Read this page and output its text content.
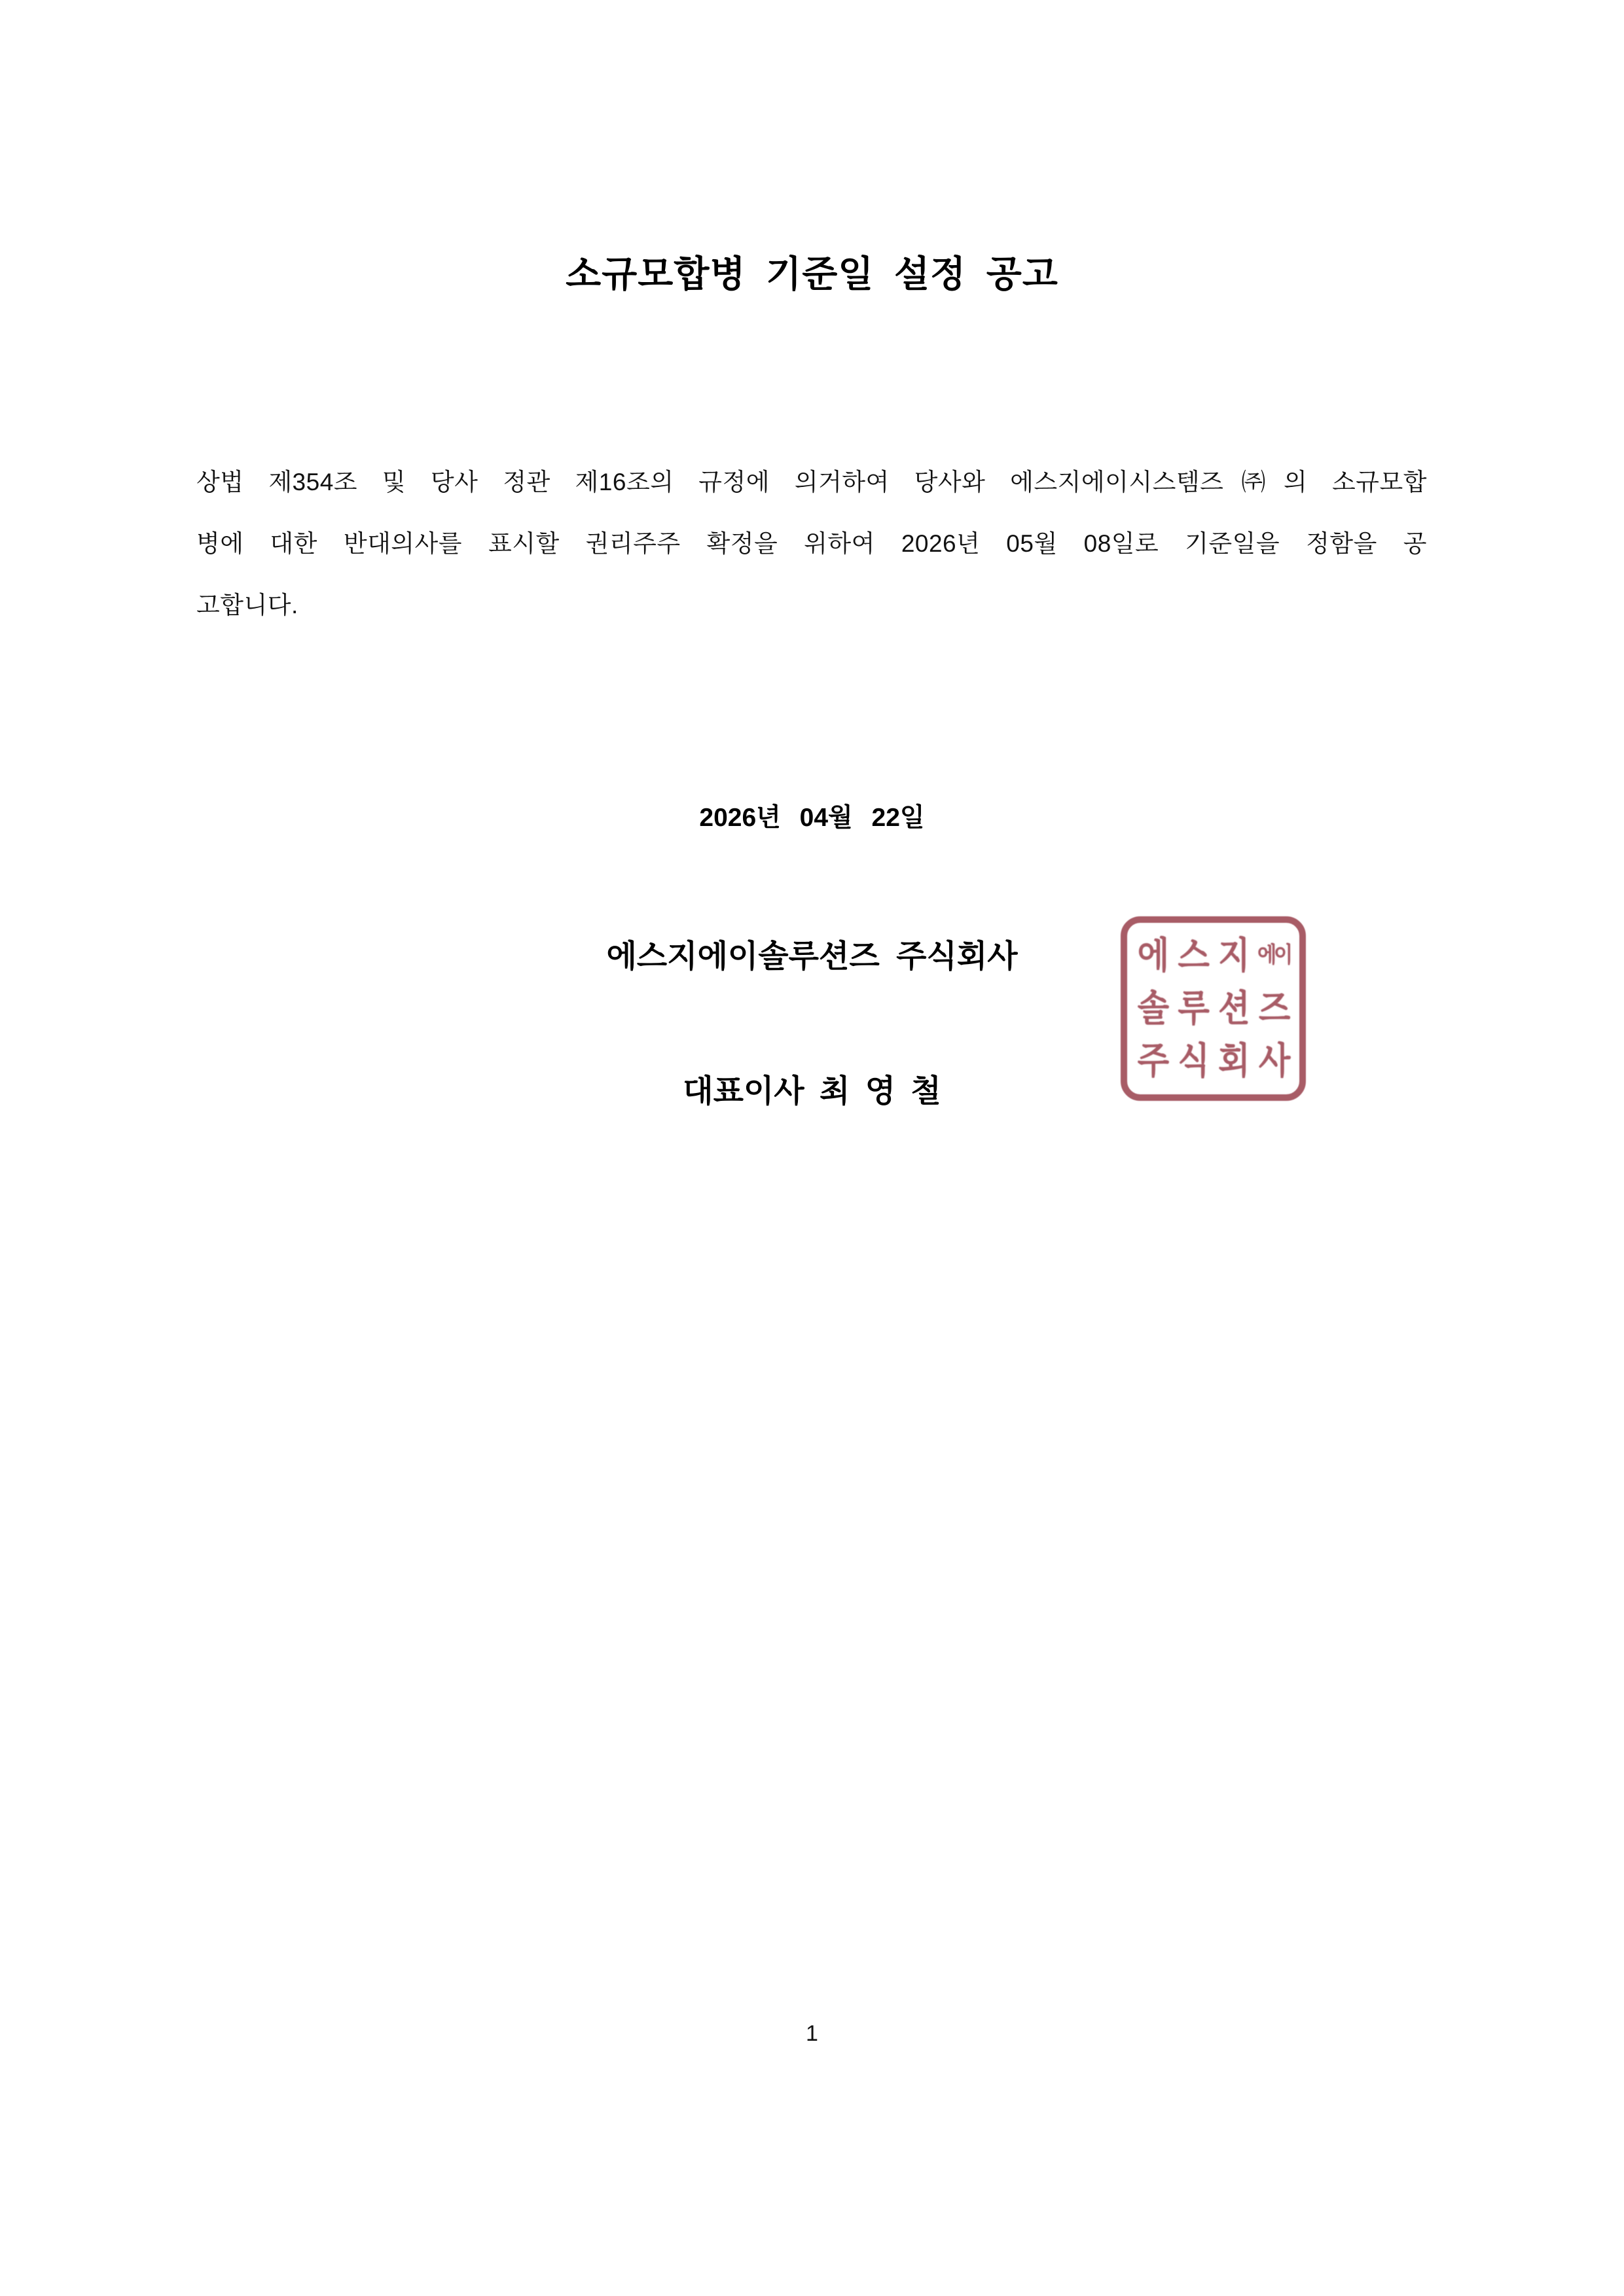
소규모합병 기준일 설정 공고
상법 제354조 및 당사 정관 제16조의 규정에 의거하여 당사와 에스지에이시스템즈㈜의 소규모합
병에 대한 반대의사를 표시할 권리주주 확정을 위하여 2026년 05월 08일로 기준일을 정함을 공
고합니다.
2026년 04월 22일
에스지에이솔루션즈 주식회사
대표이사 최 영 철
에 스 지 에이
솔 루 션 즈
주 식 회 사
1
